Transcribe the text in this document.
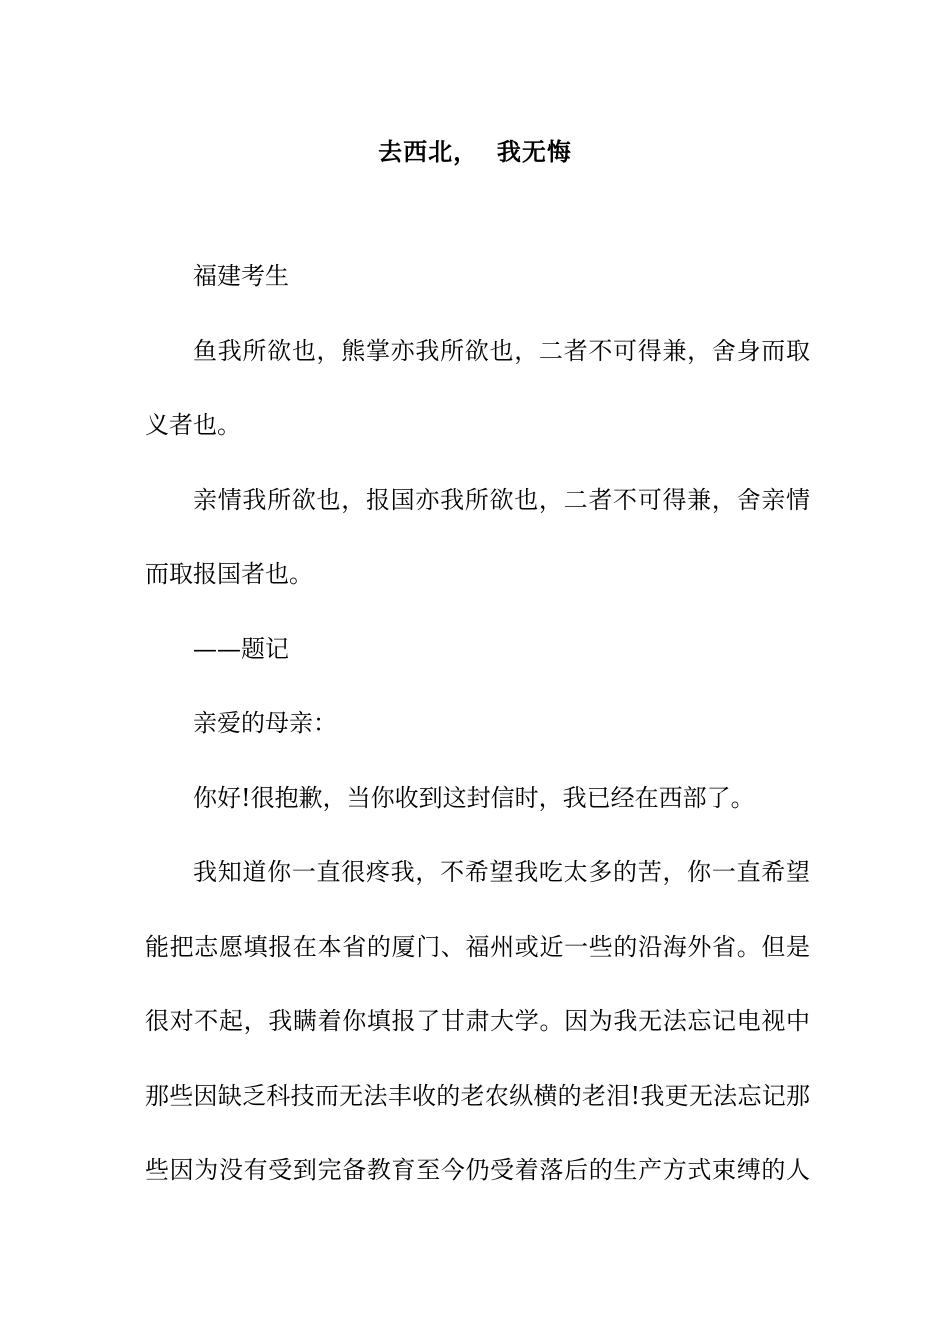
去西北，  我无悔
福建考生
鱼我所欲也，熊掌亦我所欲也，二者不可得兼，舍身而取
义者也。
亲情我所欲也，报国亦我所欲也，二者不可得兼，舍亲情
而取报国者也。
——题记
亲爱的母亲：
你好!很抱歉，当你收到这封信时，我已经在西部了。
我知道你一直很疼我，不希望我吃太多的苦，你一直希望
能把志愿填报在本省的厦门、福州或近一些的沿海外省。但是
很对不起，我瞒着你填报了甘肃大学。因为我无法忘记电视中
那些因缺乏科技而无法丰收的老农纵横的老泪!我更无法忘记那
些因为没有受到完备教育至今仍受着落后的生产方式束缚的人
